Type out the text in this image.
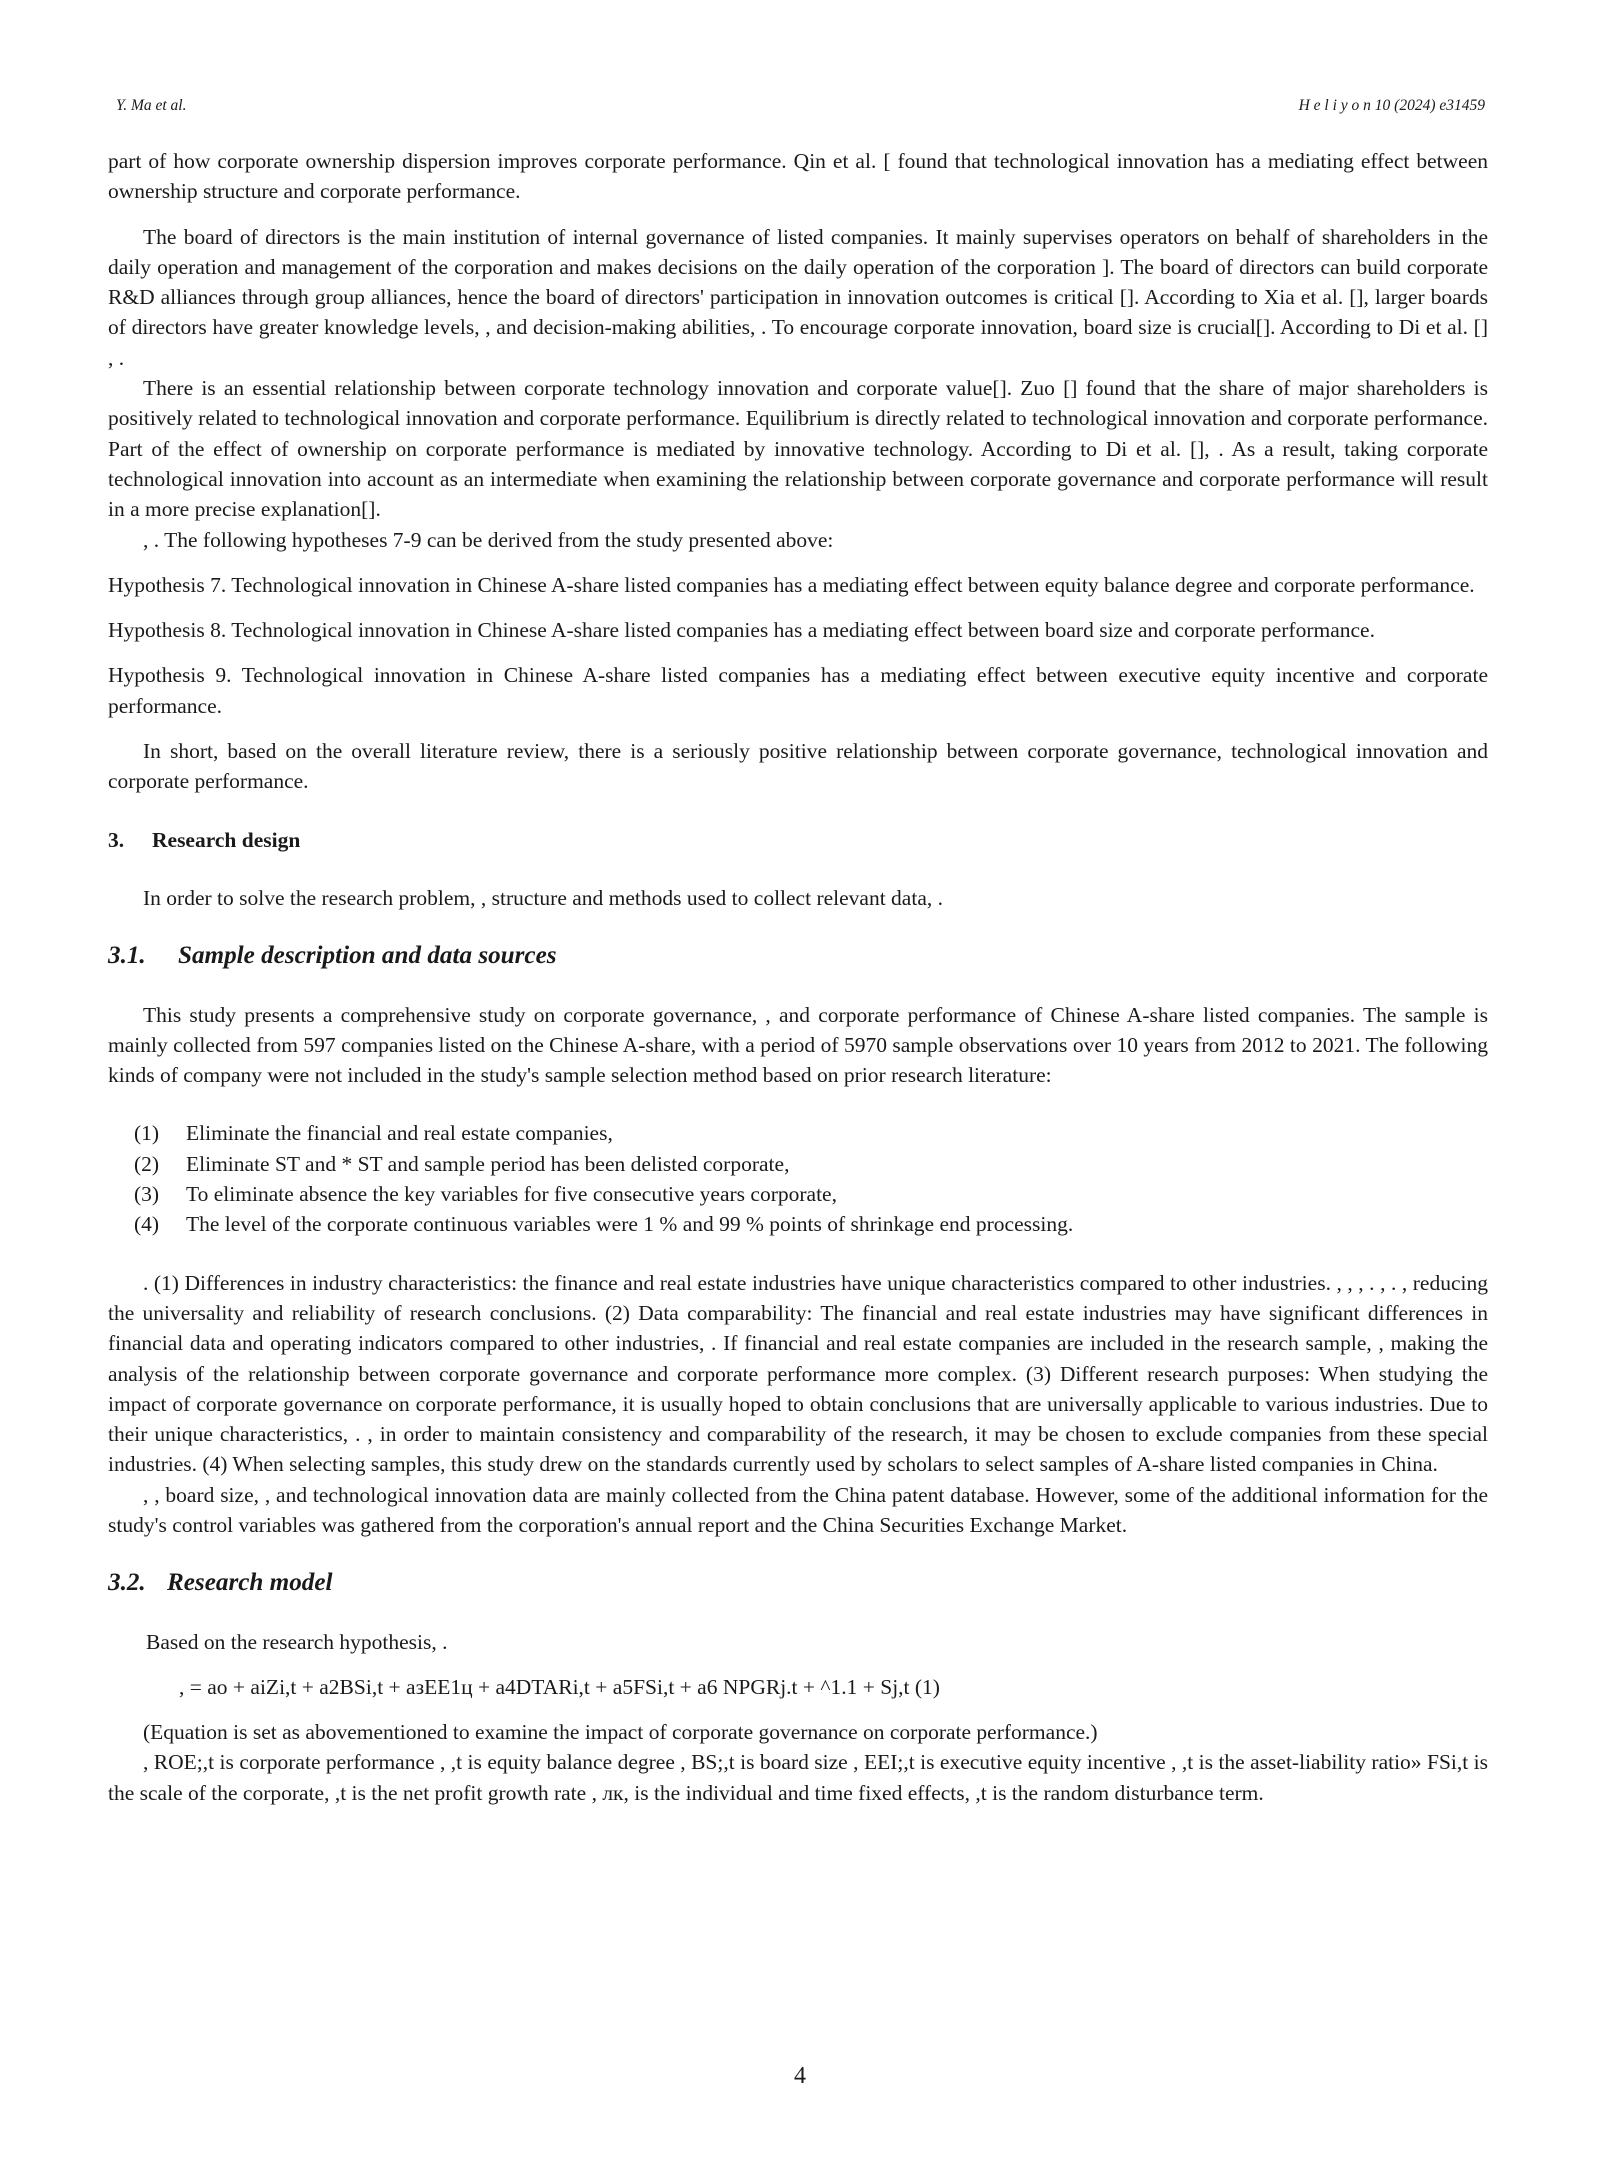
Y. Ma et al.	H e l i y o n 10 (2024) e31459

part of how corporate ownership dispersion improves corporate performance. Qin et al. [ found that technological innovation has a mediating effect between ownership structure and corporate performance.

The board of directors is the main institution of internal governance of listed companies. It mainly supervises operators on behalf of shareholders in the daily operation and management of the corporation and makes decisions on the daily operation of the corporation ]. The board of directors can build corporate R&D alliances through group alliances, hence the board of directors' participation in innovation outcomes is critical []. According to Xia et al. [], larger boards of directors have greater knowledge levels, , and decision-making abilities, . To encourage corporate innovation, board size is crucial[]. According to Di et al. [] , .

There is an essential relationship between corporate technology innovation and corporate value[]. Zuo [] found that the share of major shareholders is positively related to technological innovation and corporate performance. Equilibrium is directly related to technological innovation and corporate performance. Part of the effect of ownership on corporate performance is mediated by innovative technology. According to Di et al. [], . As a result, taking corporate technological innovation into account as an intermediate when examining the relationship between corporate governance and corporate performance will result in a more precise explanation[].

, . The following hypotheses 7-9 can be derived from the study presented above:

Hypothesis 7. Technological innovation in Chinese A-share listed companies has a mediating effect between equity balance degree and corporate performance.

Hypothesis 8. Technological innovation in Chinese A-share listed companies has a mediating effect between board size and corporate performance.

Hypothesis 9. Technological innovation in Chinese A-share listed companies has a mediating effect between executive equity incentive and corporate performance.

In short, based on the overall literature review, there is a seriously positive relationship between corporate governance, technological innovation and corporate performance.

3. Research design

In order to solve the research problem, , structure and methods used to collect relevant data, .

3.1. Sample description and data sources

This study presents a comprehensive study on corporate governance, , and corporate performance of Chinese A-share listed companies. The sample is mainly collected from 597 companies listed on the Chinese A-share, with a period of 5970 sample observations over 10 years from 2012 to 2021. The following kinds of company were not included in the study's sample selection method based on prior research literature:

(1)	Eliminate the financial and real estate companies,
(2)	Eliminate ST and * ST and sample period has been delisted corporate,
(3)	To eliminate absence the key variables for five consecutive years corporate,
(4)	The level of the corporate continuous variables were 1 % and 99 % points of shrinkage end processing.

. (1) Differences in industry characteristics: the finance and real estate industries have unique characteristics compared to other industries. , , , . , . , reducing the universality and reliability of research conclusions. (2) Data comparability: The financial and real estate industries may have significant differences in financial data and operating indicators compared to other industries, . If financial and real estate companies are included in the research sample, , making the analysis of the relationship between corporate governance and corporate performance more complex. (3) Different research purposes: When studying the impact of corporate governance on corporate performance, it is usually hoped to obtain conclusions that are universally applicable to various industries. Due to their unique characteristics, . , in order to maintain consistency and comparability of the research, it may be chosen to exclude companies from these special industries. (4) When selecting samples, this study drew on the standards currently used by scholars to select samples of A-share listed companies in China.

, , board size, , and technological innovation data are mainly collected from the China patent database. However, some of the additional information for the study's control variables was gathered from the corporation's annual report and the China Securities Exchange Market.

3.2. Research model

Based on the research hypothesis, .

, = ao + aiZi,t + a2BSi,t + азЕЕ1ц + a4DTARi,t + a5FSi,t + a6 NPGRj.t + ^1.1 + Sj,t (1)

(Equation is set as abovementioned to examine the impact of corporate governance on corporate performance.)

, ROE;,t is corporate performance , ,t is equity balance degree , BS;,t is board size , EEI;,t is executive equity incentive , ,t is the asset-liability ratio» FSi,t is the scale of the corporate, ,t is the net profit growth rate , лк, is the individual and time fixed effects, ,t is the random disturbance term.

4
